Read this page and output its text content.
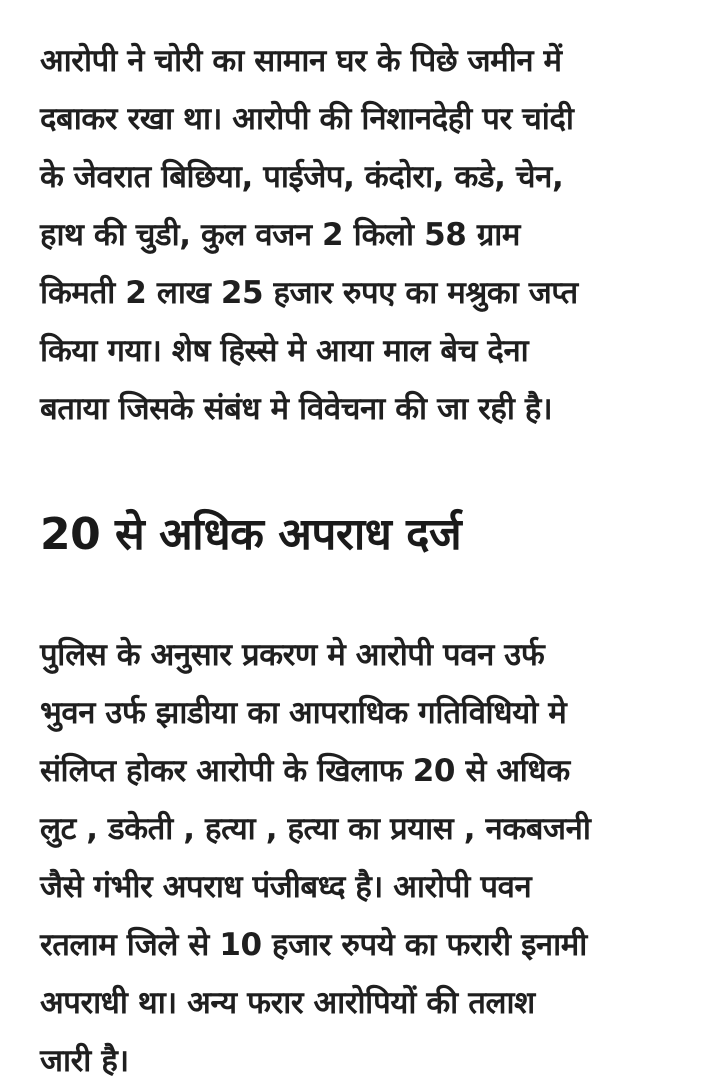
आरोपी ने चोरी का सामान घर के पिछे जमीन में
दबाकर रखा था। आरोपी की निशानदेही पर चांदी
के जेवरात बिछिया, पाईजेप, कंदोरा, कडे, चेन,
हाथ की चुडी, कुल वजन 2 किलो 58 ग्राम
किमती 2 लाख 25 हजार रुपए का मश्रुका जप्त
किया गया। शेष हिस्से मे आया माल बेच देना
बताया जिसके संबंध मे विवेचना की जा रही है।

20 से अधिक अपराध दर्ज

पुलिस के अनुसार प्रकरण मे आरोपी पवन उर्फ
भुवन उर्फ झाडीया का आपराधिक गतिविधियो मे
संलिप्त होकर आरोपी के खिलाफ 20 से अधिक
लुट , डकेती , हत्या , हत्या का प्रयास , नकबजनी
जैसे गंभीर अपराध पंजीबध्द है। आरोपी पवन
रतलाम जिले से 10 हजार रुपये का फरारी इनामी
अपराधी था। अन्य फरार आरोपियों की तलाश
जारी है।
